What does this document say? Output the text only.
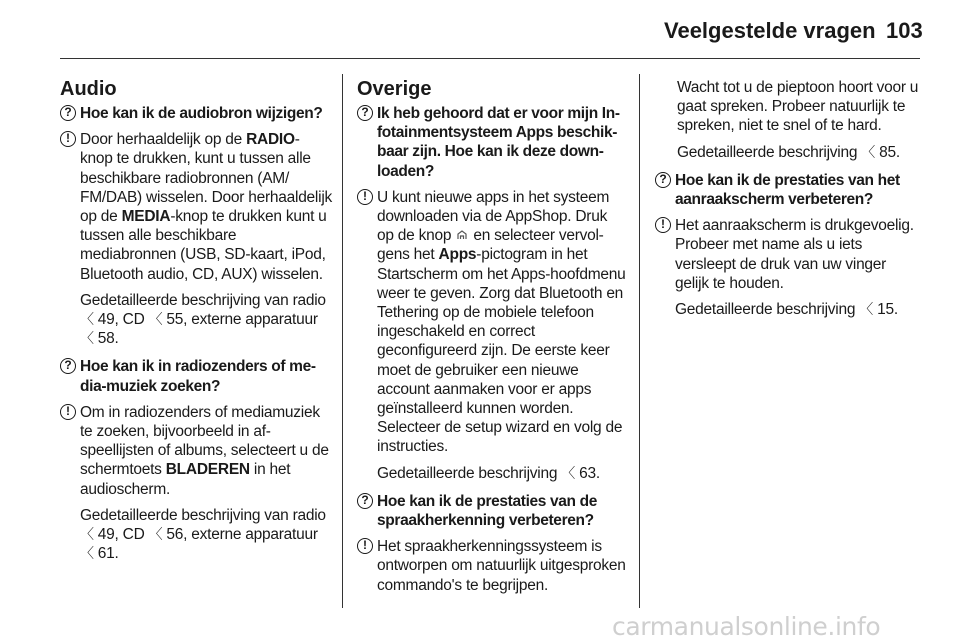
Veelgestelde vragen 103
Audio
? Hoe kan ik de audiobron wijzigen?
! Door herhaaldelijk op de RADIO-knop te drukken, kunt u tussen alle beschikbare radiobronnen (AM/ FM/DAB) wisselen. Door herhaaldelijk op de MEDIA-knop te drukken kunt u tussen alle beschikbare mediabronnen (USB, SD-kaart, iPod, Bluetooth audio, CD, AUX) wisselen.
Gedetailleerde beschrijving van radio 〈 49, CD 〈 55, externe apparatuur 〈 58.
? Hoe kan ik in radiozenders of media-muziek zoeken?
! Om in radiozenders of mediamuziek te zoeken, bijvoorbeeld in afspeellijsten of albums, selecteert u de schermtoets BLADEREN in het audioscherm.
Gedetailleerde beschrijving van radio 〈 49, CD 〈 56, externe apparatuur 〈 61.
Overige
? Ik heb gehoord dat er voor mijn Infotainmentsysteem Apps beschikbaar zijn. Hoe kan ik deze downloaden?
! U kunt nieuwe apps in het systeem downloaden via de AppShop. Druk op de knop  en selecteer vervolgens het Apps-pictogram in het Startscherm om het Apps-hoofdmenu weer te geven. Zorg dat Bluetooth en Tethering op de mobiele telefoon ingeschakeld en correct geconfigureerd zijn. De eerste keer moet de gebruiker een nieuwe account aanmaken voor er apps geïnstalleerd kunnen worden. Selecteer de setup wizard en volg de instructies.
Gedetailleerde beschrijving 〈 63.
? Hoe kan ik de prestaties van de spraakherkenning verbeteren?
! Het spraakherkenningssysteem is ontworpen om natuurlijk uitgesproken commando's te begrijpen.
Wacht tot u de pieptoon hoort voor u gaat spreken. Probeer natuurlijk te spreken, niet te snel of te hard.
Gedetailleerde beschrijving 〈 85.
? Hoe kan ik de prestaties van het aanraakscherm verbeteren?
! Het aanraakscherm is drukgevoelig. Probeer met name als u iets versleept de druk van uw vinger gelijk te houden.
Gedetailleerde beschrijving 〈 15.
carmanualsonline.info
